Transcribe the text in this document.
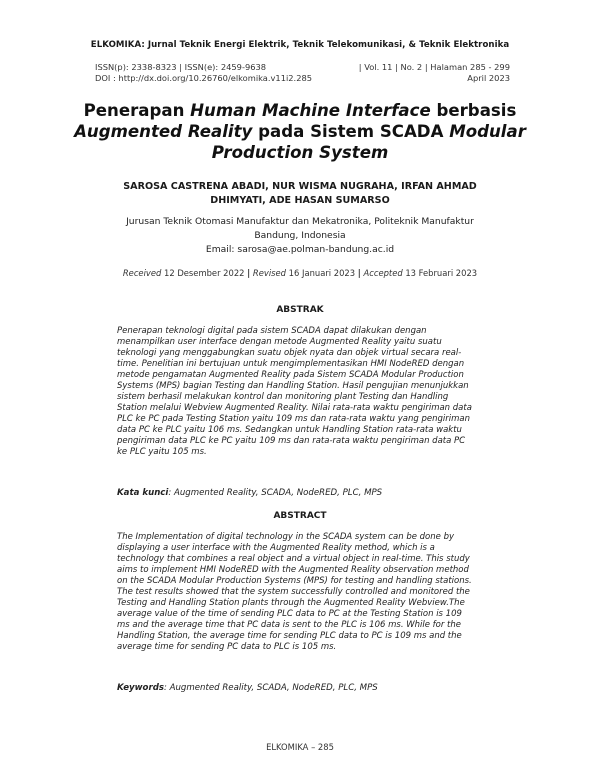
ELKOMIKA: Jurnal Teknik Energi Elektrik, Teknik Telekomunikasi, & Teknik Elektronika
ISSN(p): 2338-8323 | ISSN(e): 2459-9638
DOI : http://dx.doi.org/10.26760/elkomika.v11i2.285
| Vol. 11 | No. 2 | Halaman 285 - 299
April 2023
Penerapan Human Machine Interface berbasis
Augmented Reality pada Sistem SCADA Modular Production System
SAROSA CASTRENA ABADI, NUR WISMA NUGRAHA, IRFAN AHMAD
DHIMYATI, ADE HASAN SUMARSO
Jurusan Teknik Otomasi Manufaktur dan Mekatronika, Politeknik Manufaktur
Bandung, Indonesia
Email: sarosa@ae.polman-bandung.ac.id
Received 12 Desember 2022 | Revised 16 Januari 2023 | Accepted 13 Februari 2023
ABSTRAK
Penerapan teknologi digital pada sistem SCADA dapat dilakukan dengan
menampilkan user interface dengan metode Augmented Reality yaitu suatu
teknologi yang menggabungkan suatu objek nyata dan objek virtual secara real-
time. Penelitian ini bertujuan untuk mengimplementasikan HMI NodeRED dengan
metode pengamatan Augmented Reality pada Sistem SCADA Modular Production
Systems (MPS) bagian Testing dan Handling Station. Hasil pengujian menunjukkan
sistem berhasil melakukan kontrol dan monitoring plant Testing dan Handling
Station melalui Webview Augmented Reality. Nilai rata-rata waktu pengiriman data
PLC ke PC pada Testing Station yaitu 109 ms dan rata-rata waktu yang pengiriman
data PC ke PLC yaitu 106 ms. Sedangkan untuk Handling Station rata-rata waktu
pengiriman data PLC ke PC yaitu 109 ms dan rata-rata waktu pengiriman data PC
ke PLC yaitu 105 ms.
Kata kunci: Augmented Reality, SCADA, NodeRED, PLC, MPS
ABSTRACT
The Implementation of digital technology in the SCADA system can be done by
displaying a user interface with the Augmented Reality method, which is a
technology that combines a real object and a virtual object in real-time. This study
aims to implement HMI NodeRED with the Augmented Reality observation method
on the SCADA Modular Production Systems (MPS) for testing and handling stations.
The test results showed that the system successfully controlled and monitored the
Testing and Handling Station plants through the Augmented Reality Webview.The
average value of the time of sending PLC data to PC at the Testing Station is 109
ms and the average time that PC data is sent to the PLC is 106 ms. While for the
Handling Station, the average time for sending PLC data to PC is 109 ms and the
average time for sending PC data to PLC is 105 ms.
Keywords: Augmented Reality, SCADA, NodeRED, PLC, MPS
ELKOMIKA – 285
